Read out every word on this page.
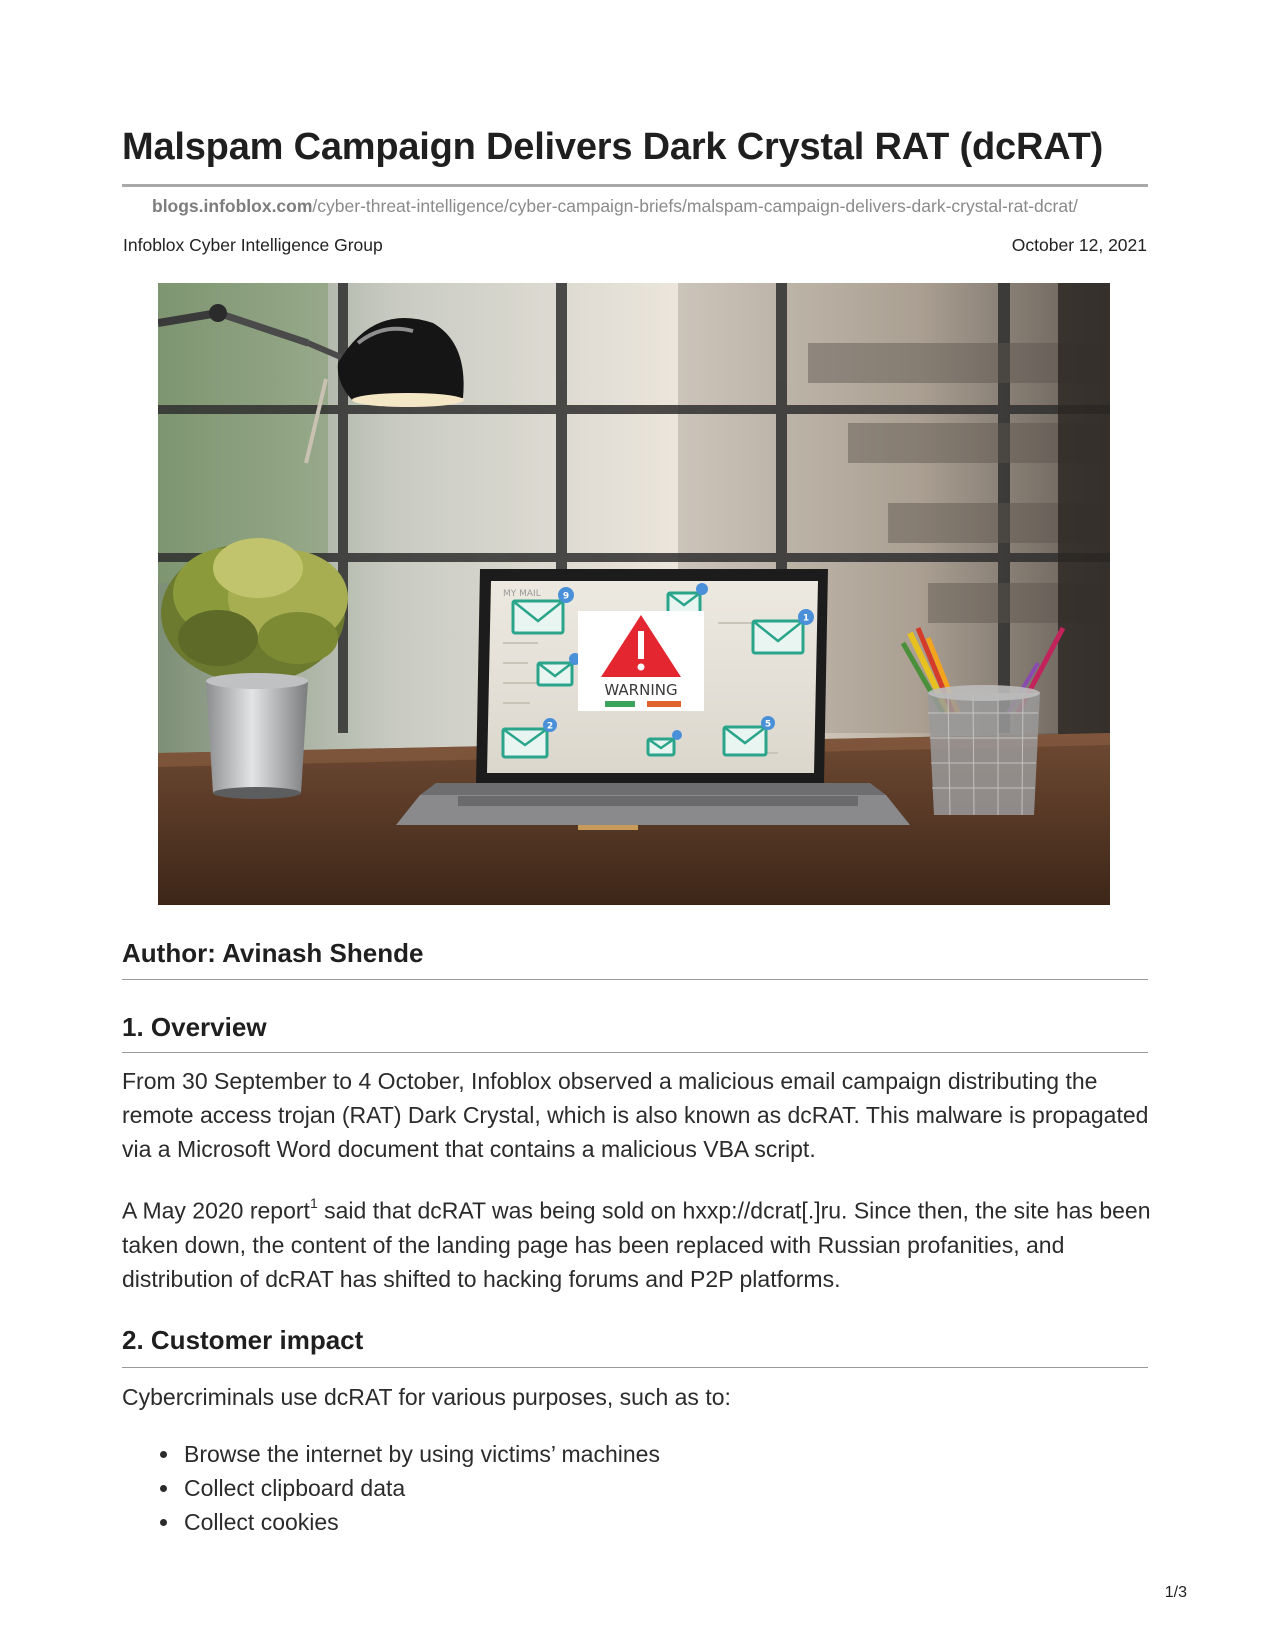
Malspam Campaign Delivers Dark Crystal RAT (dcRAT)
blogs.infoblox.com/cyber-threat-intelligence/cyber-campaign-briefs/malspam-campaign-delivers-dark-crystal-rat-dcrat/
Infoblox Cyber Intelligence Group	October 12, 2021
MY MAIL 9
1
2	5
WARNING
Author: Avinash Shende
1. Overview

From 30 September to 4 October, Infoblox observed a malicious email campaign distributing the remote access trojan (RAT) Dark Crystal, which is also known as dcRAT. This malware is propagated via a Microsoft Word document that contains a malicious VBA script.

A May 2020 report$^1$ said that dcRAT was being sold on hxxp://dcrat[.]ru. Since then, the site has been taken down, the content of the landing page has been replaced with Russian profanities, and distribution of dcRAT has shifted to hacking forums and P2P platforms.

2. Customer impact

Cybercriminals use dcRAT for various purposes, such as to:

Browse the internet by using victims’ machines
Collect clipboard data
Collect cookies
1/3
